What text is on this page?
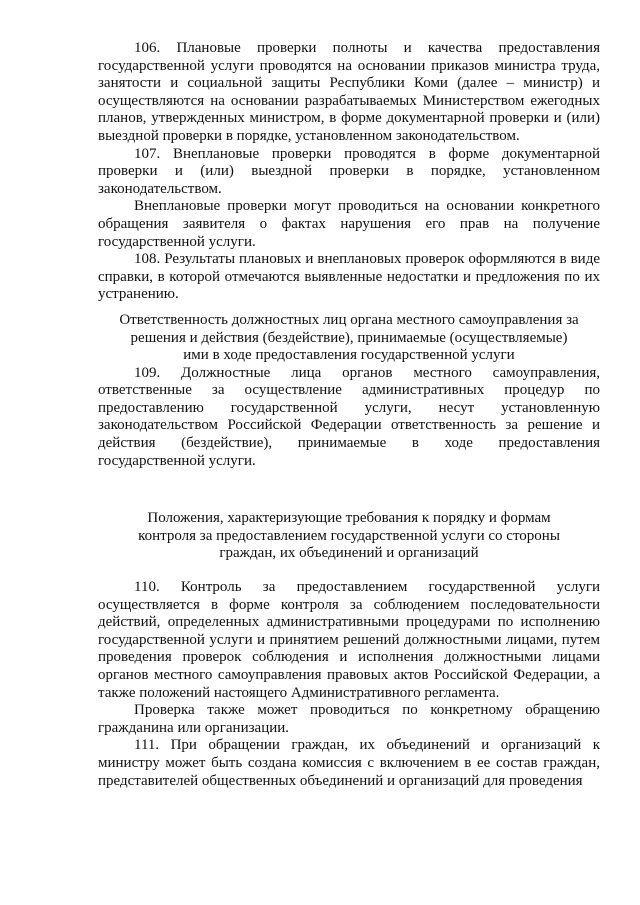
106. Плановые проверки полноты и качества предоставления государственной услуги проводятся на основании приказов министра труда, занятости и социальной защиты Республики Коми (далее – министр) и осуществляются на основании разрабатываемых Министерством ежегодных планов, утвержденных министром, в форме документарной проверки и (или) выездной проверки в порядке, установленном законодательством.

107. Внеплановые проверки проводятся в форме документарной проверки и (или) выездной проверки в порядке, установленном законодательством.

Внеплановые проверки могут проводиться на основании конкретного обращения заявителя о фактах нарушения его прав на получение государственной услуги.

108. Результаты плановых и внеплановых проверок оформляются в виде справки, в которой отмечаются выявленные недостатки и предложения по их устранению.

Ответственность должностных лиц органа местного самоуправления за решения и действия (бездействие), принимаемые (осуществляемые) ими в ходе предоставления государственной услуги

109. Должностные лица органов местного самоуправления, ответственные за осуществление административных процедур по предоставлению государственной услуги, несут установленную законодательством Российской Федерации ответственность за решение и действия (бездействие), принимаемые в ходе предоставления государственной услуги.

Положения, характеризующие требования к порядку и формам контроля за предоставлением государственной услуги со стороны граждан, их объединений и организаций

110. Контроль за предоставлением государственной услуги осуществляется в форме контроля за соблюдением последовательности действий, определенных административными процедурами по исполнению государственной услуги и принятием решений должностными лицами, путем проведения проверок соблюдения и исполнения должностными лицами органов местного самоуправления правовых актов Российской Федерации, а также положений настоящего Административного регламента.

Проверка также может проводиться по конкретному обращению гражданина или организации.

111. При обращении граждан, их объединений и организаций к министру может быть создана комиссия с включением в ее состав граждан, представителей общественных объединений и организаций для проведения
